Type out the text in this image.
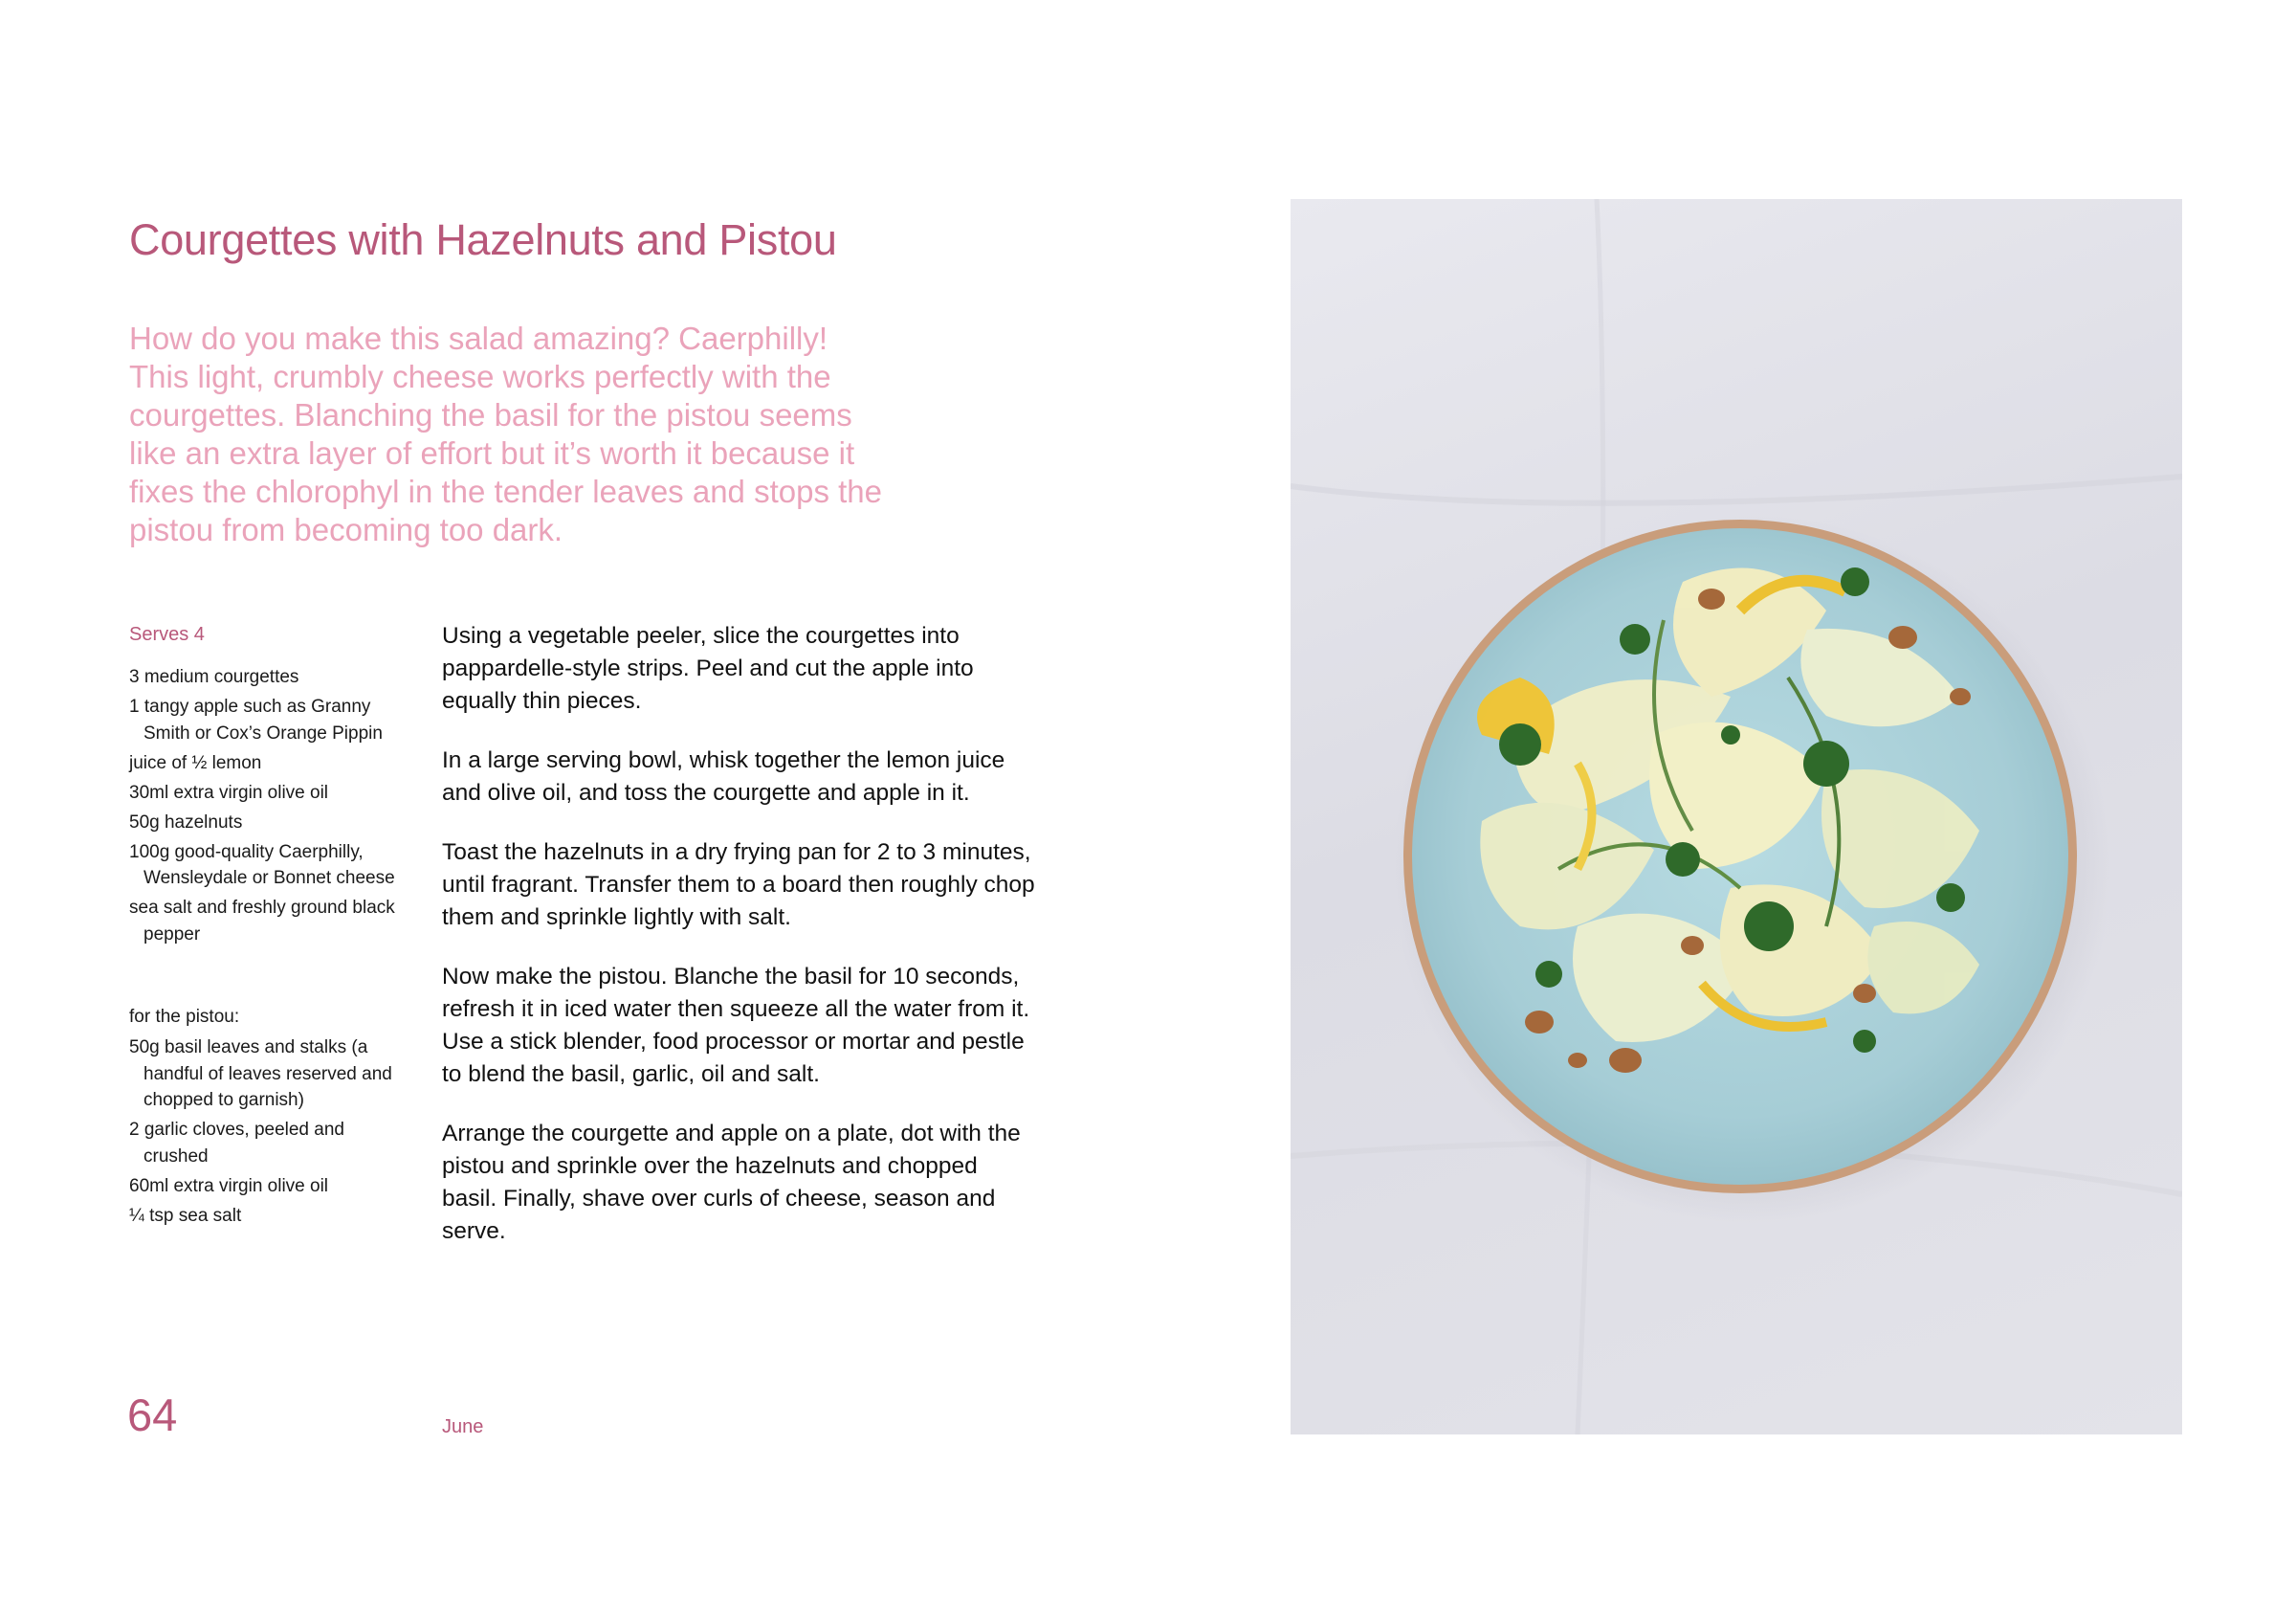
Courgettes with Hazelnuts and Pistou

How do you make this salad amazing? Caerphilly!

This light, crumbly cheese works perfectly with the

courgettes. Blanching the basil for the pistou seems

like an extra layer of effort but it’s worth it because it

fixes the chlorophyl in the tender leaves and stops the

pistou from becoming too dark.

Serves 4
3 medium courgettes
1 tangy apple such as Granny Smith or Cox’s Orange Pippin
juice of ½ lemon
30ml extra virgin olive oil
50g hazelnuts
100g good-quality Caerphilly, Wensleydale or Bonnet cheese
sea salt and freshly ground black pepper
for the pistou:
50g basil leaves and stalks (a handful of leaves reserved and chopped to garnish)
2 garlic cloves, peeled and crushed
60ml extra virgin olive oil
¼ tsp sea salt

Using a vegetable peeler, slice the courgettes into pappardelle-style strips. Peel and cut the apple into equally thin pieces.

In a large serving bowl, whisk together the lemon juice and olive oil, and toss the courgette and apple in it.

Toast the hazelnuts in a dry frying pan for 2 to 3 minutes, until fragrant. Transfer them to a board then roughly chop them and sprinkle lightly with salt.

Now make the pistou. Blanche the basil for 10 seconds, refresh it in iced water then squeeze all the water from it. Use a stick blender, food processor or mortar and pestle to blend the basil, garlic, oil and salt.

Arrange the courgette and apple on a plate, dot with the pistou and sprinkle over the hazelnuts and chopped basil. Finally, shave over curls of cheese, season and serve.

64	June
